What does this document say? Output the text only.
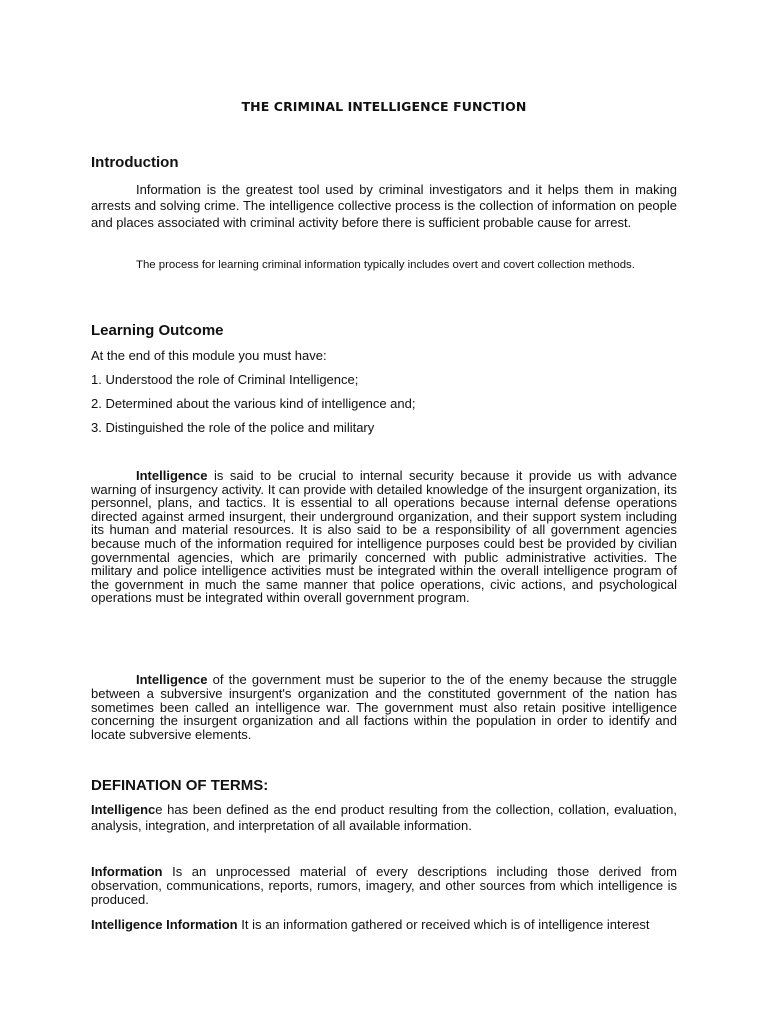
THE CRIMINAL INTELLIGENCE FUNCTION
Introduction
Information is the greatest tool used by criminal investigators and it helps them in making arrests and solving crime. The intelligence collective process is the collection of information on people and places associated with criminal activity before there is sufficient probable cause for arrest.
The process for learning criminal information typically includes overt and covert collection methods.
Learning Outcome
At the end of this module you must have:
1. Understood the role of Criminal Intelligence;
2. Determined about the various kind of intelligence and;
3. Distinguished the role of the police and military
Intelligence is said to be crucial to internal security because it provide us with advance warning of insurgency activity. It can provide with detailed knowledge of the insurgent organization, its personnel, plans, and tactics. It is essential to all operations because internal defense operations directed against armed insurgent, their underground organization, and their support system including its human and material resources. It is also said to be a responsibility of all government agencies because much of the information required for intelligence purposes could best be provided by civilian governmental agencies, which are primarily concerned with public administrative activities. The military and police intelligence activities must be integrated within the overall intelligence program of the government in much the same manner that police operations, civic actions, and psychological operations must be integrated within overall government program.
Intelligence of the government must be superior to the of the enemy because the struggle between a subversive insurgent's organization and the constituted government of the nation has sometimes been called an intelligence war. The government must also retain positive intelligence concerning the insurgent organization and all factions within the population in order to identify and locate subversive elements.
DEFINATION OF TERMS:
Intelligence has been defined as the end product resulting from the collection, collation, evaluation, analysis, integration, and interpretation of all available information.
Information Is an unprocessed material of every descriptions including those derived from observation, communications, reports, rumors, imagery, and other sources from which intelligence is produced.
Intelligence Information It is an information gathered or received which is of intelligence interest
